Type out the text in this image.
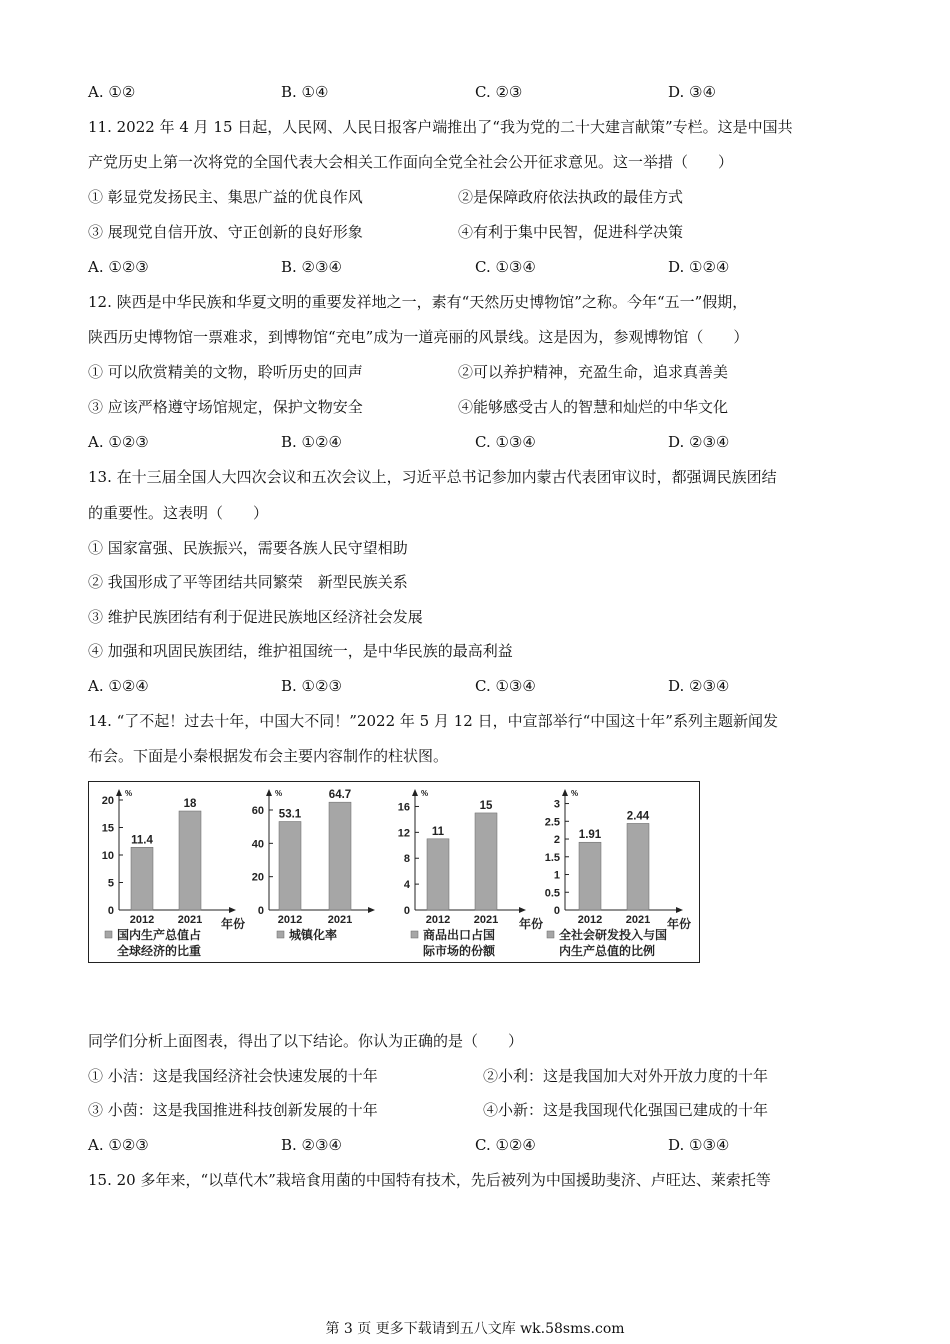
A. ①②	B. ①④	C. ②③	D. ③④
11. 2022 年 4 月 15 日起，人民网、人民日报客户端推出了“我为党的二十大建言献策”专栏。这是中国共
产党历史上第一次将党的全国代表大会相关工作面向全党全社会公开征求意见。这一举措（　　）
① 彰显党发扬民主、集思广益的优良作风	②是保障政府依法执政的最佳方式
③ 展现党自信开放、守正创新的良好形象	④有利于集中民智，促进科学决策
A. ①②③	B. ②③④	C. ①③④	D. ①②④
12. 陕西是中华民族和华夏文明的重要发祥地之一，素有“天然历史博物馆”之称。今年“五一”假期，
陕西历史博物馆一票难求，到博物馆“充电”成为一道亮丽的风景线。这是因为，参观博物馆（　　）
① 可以欣赏精美的文物，聆听历史的回声	②可以养护精神，充盈生命，追求真善美
③ 应该严格遵守场馆规定，保护文物安全	④能够感受古人的智慧和灿烂的中华文化
A. ①②③	B. ①②④	C. ①③④	D. ②③④
13. 在十三届全国人大四次会议和五次会议上，习近平总书记参加内蒙古代表团审议时，都强调民族团结
的重要性。这表明（　　）
① 国家富强、民族振兴，需要各族人民守望相助
② 我国形成了平等团结共同繁荣　新型民族关系
③ 维护民族团结有利于促进民族地区经济社会发展
④ 加强和巩固民族团结，维护祖国统一，是中华民族的最高利益
A. ①②④	B. ①②③	C. ①③④	D. ②③④
14. “了不起！过去十年，中国大不同！”2022 年 5 月 12 日，中宣部举行“中国这十年”系列主题新闻发
布会。下面是小秦根据发布会主要内容制作的柱状图。
%
0
5
10
15
20
11.4
2012
18
2021 年份
国内生产总值占
全球经济的比重
%
0
20
40
60 53.1
2012
64.7
2021
城镇化率
%
0
4
8
12
16
11
2012
15
2021 年份
商品出口占国
际市场的份额
%
0
0.5
1
1.5
2
2.5
3
1.91
2012
2.44
2021 年份
全社会研发投入与国
内生产总值的比例
同学们分析上面图表，得出了以下结论。你认为正确的是（　　）
① 小洁：这是我国经济社会快速发展的十年	②小利：这是我国加大对外开放力度的十年
③ 小茵：这是我国推进科技创新发展的十年	④小新：这是我国现代化强国已建成的十年
A. ①②③	B. ②③④	C. ①②④	D. ①③④
15. 20 多年来，“以草代木”栽培食用菌的中国特有技术，先后被列为中国援助斐济、卢旺达、莱索托等
第 3 页 更多下载请到五八文库 wk.58sms.com
